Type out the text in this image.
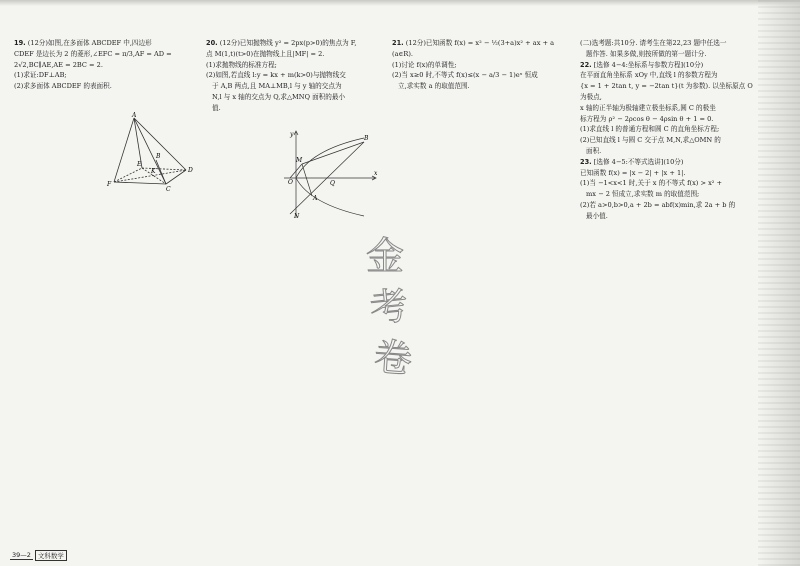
19. (12分)如图,在多面体 ABCDEF 中,四边形

CDEF 是边长为 2 的菱形,∠EFC = π/3,AF = AD =

2√2,BC∥AE,AE = 2BC = 2.

(1)求证:DF⊥AB;

(2)求多面体 ABCDEF 的表面积.

A
B
E
K	D
C
F

20. (12分)已知抛物线 y² = 2px(p>0)的焦点为 F,

点 M(1,t)(t>0)在抛物线上且|MF| = 2.

(1)求抛物线的标准方程;

(2)如图,若直线 l:y = kx + m(k>0)与抛物线交

于 A,B 两点,且 MA⊥MB,l 与 y 轴的交点为

N,l 与 x 轴的交点为 Q,求△MNQ 面积的最小

值.

y
x
O
M
B
Q
A
N

21. (12分)已知函数 f(x) = x² − ½(3+a)x² + ax + a

(a∈R).

(1)讨论 f(x)的单调性;

(2)当 x≥0 时,不等式 f(x)≤(x − a/3 − 1)eˣ 恒成

立,求实数 a 的取值范围.

(二)选考题:共10分. 请考生在第22,23 题中任选一

题作答. 如果多做,则按所做的第一题计分.

22. [选修 4−4:坐标系与参数方程](10分)

在平面直角坐标系 xOy 中,直线 l 的参数方程为

{x = 1 + 2tan t, y = −2tan t}(t 为参数). 以坐标原点 O 为极点,

x 轴的正半轴为极轴建立极坐标系,圆 C 的极坐

标方程为 ρ² − 2ρcos θ − 4ρsin θ + 1 = 0.

(1)求直线 l 的普通方程和圆 C 的直角坐标方程;

(2)已知直线 l 与圆 C 交于点 M,N,求△OMN 的

面积.

23. [选修 4−5:不等式选讲](10分)

已知函数 f(x) = |x − 2| + |x + 1|.

(1)当 −1<x<1 时,关于 x 的不等式 f(x) > x² +

mx − 2 恒成立,求实数 m 的取值范围;

(2)若 a>0,b>0,a + 2b = abf(x)min,求 2a + b 的

最小值.

金
考
卷
39—2	文科数学
